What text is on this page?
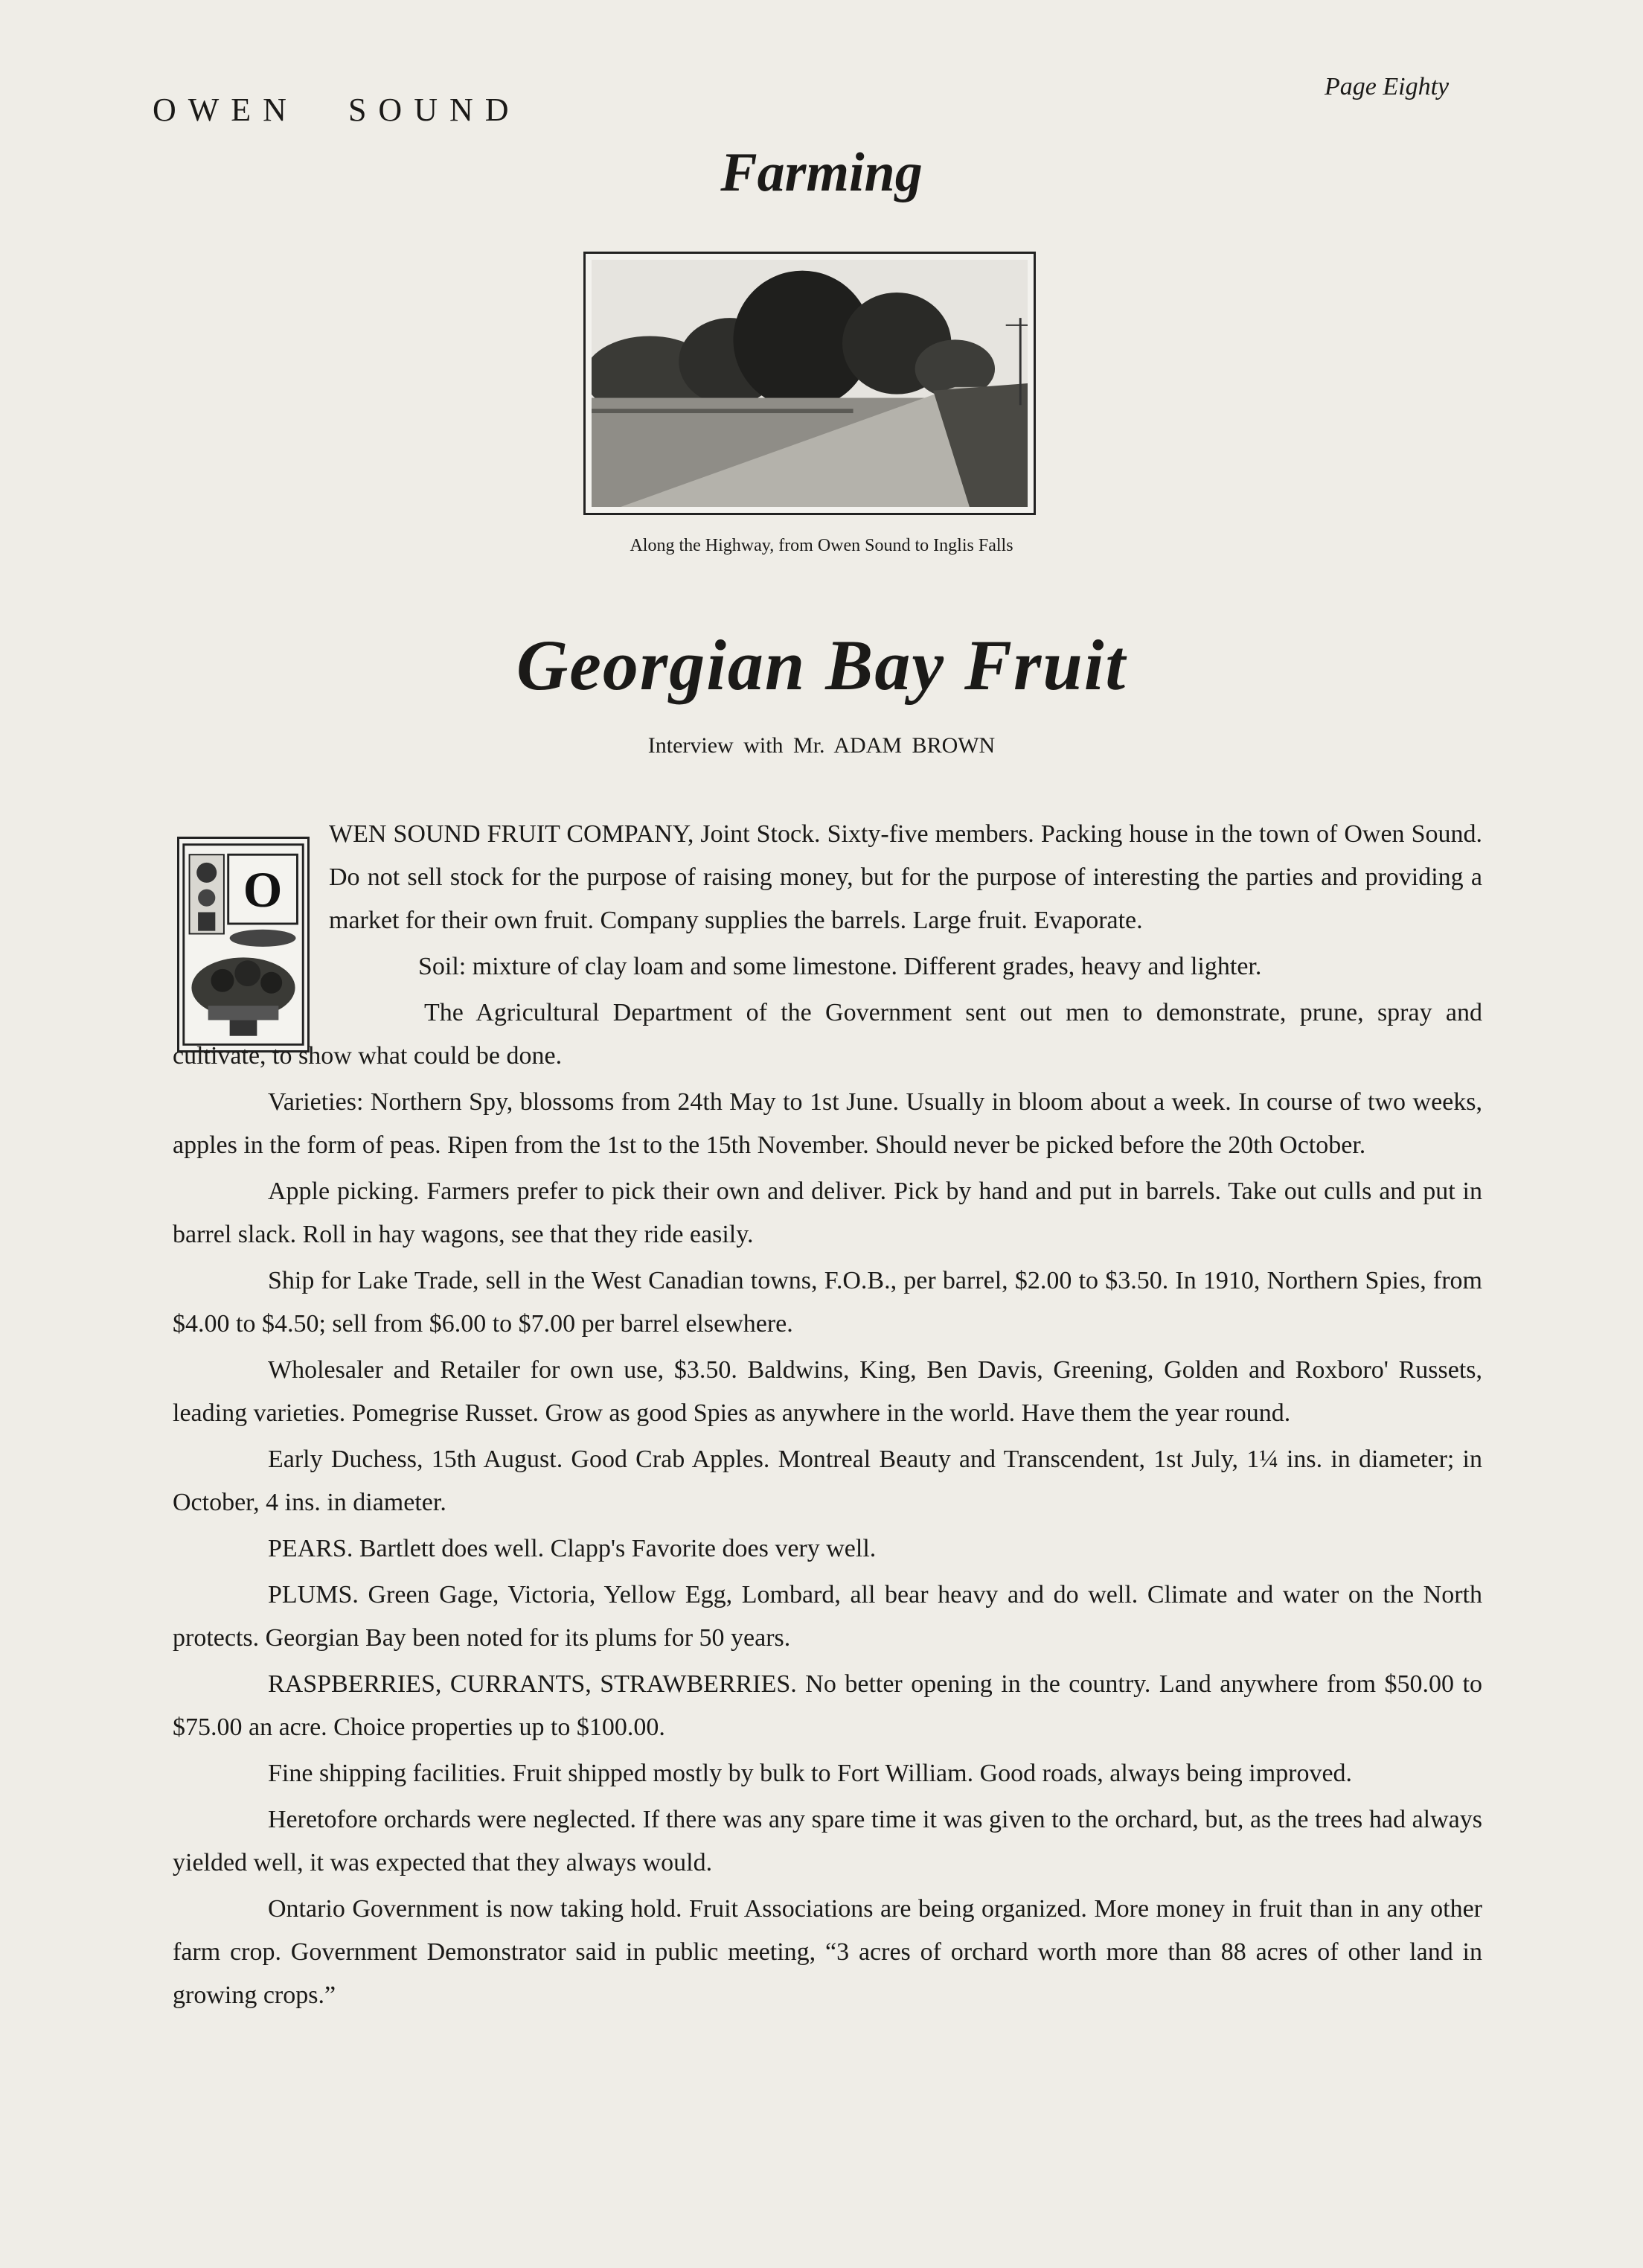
OWEN SOUND
Page Eighty
Farming
Along the Highway, from Owen Sound to Inglis Falls
Georgian Bay Fruit
Interview with Mr. ADAM BROWN
O

WEN SOUND FRUIT COMPANY, Joint Stock. Sixty-five members. Packing house in the town of Owen Sound. Do not sell stock for the purpose of raising money, but for the purpose of interesting the parties and providing a market for their own fruit. Company supplies the barrels. Large fruit. Evaporate.

Soil: mixture of clay loam and some limestone. Different grades, heavy and lighter.

The Agricultural Department of the Government sent out men to demonstrate, prune, spray and cultivate, to show what could be done.

Varieties: Northern Spy, blossoms from 24th May to 1st June. Usually in bloom about a week. In course of two weeks, apples in the form of peas. Ripen from the 1st to the 15th November. Should never be picked before the 20th October.

Apple picking. Farmers prefer to pick their own and deliver. Pick by hand and put in barrels. Take out culls and put in barrel slack. Roll in hay wagons, see that they ride easily.

Ship for Lake Trade, sell in the West Canadian towns, F.O.B., per barrel, $2.00 to $3.50. In 1910, Northern Spies, from $4.00 to $4.50; sell from $6.00 to $7.00 per barrel elsewhere.

Wholesaler and Retailer for own use, $3.50. Baldwins, King, Ben Davis, Greening, Golden and Roxboro' Russets, leading varieties. Pomegrise Russet. Grow as good Spies as anywhere in the world. Have them the year round.

Early Duchess, 15th August. Good Crab Apples. Montreal Beauty and Transcendent, 1st July, 1¼ ins. in diameter; in October, 4 ins. in diameter.

PEARS. Bartlett does well. Clapp's Favorite does very well.

PLUMS. Green Gage, Victoria, Yellow Egg, Lombard, all bear heavy and do well. Climate and water on the North protects. Georgian Bay been noted for its plums for 50 years.

RASPBERRIES, CURRANTS, STRAWBERRIES. No better opening in the country. Land anywhere from $50.00 to $75.00 an acre. Choice properties up to $100.00.

Fine shipping facilities. Fruit shipped mostly by bulk to Fort William. Good roads, always being improved.

Heretofore orchards were neglected. If there was any spare time it was given to the orchard, but, as the trees had always yielded well, it was expected that they always would.

Ontario Government is now taking hold. Fruit Associations are being organized. More money in fruit than in any other farm crop. Government Demonstrator said in public meeting, “3 acres of orchard worth more than 88 acres of other land in growing crops.”
